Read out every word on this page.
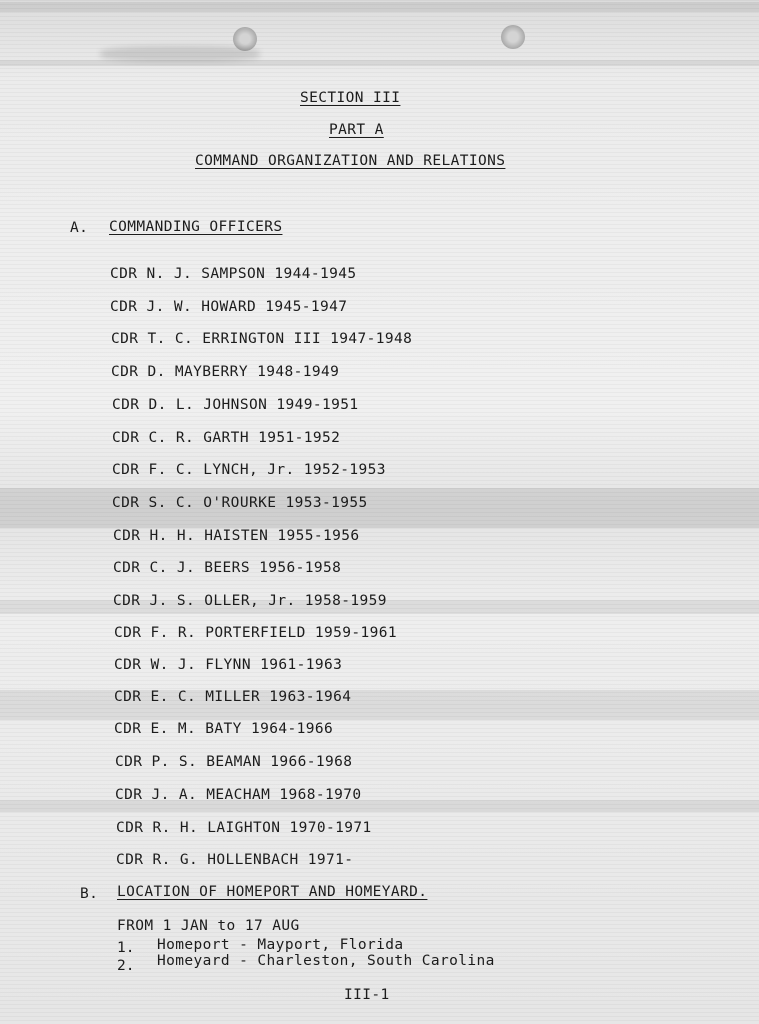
SECTION III
PART A
COMMAND ORGANIZATION AND RELATIONS
A. COMMANDING OFFICERS
CDR N. J. SAMPSON 1944-1945
CDR J. W. HOWARD 1945-1947
CDR T. C. ERRINGTON III 1947-1948
CDR D. MAYBERRY 1948-1949
CDR D. L. JOHNSON 1949-1951
CDR C. R. GARTH 1951-1952
CDR F. C. LYNCH, Jr. 1952-1953
CDR S. C. O'ROURKE 1953-1955
CDR H. H. HAISTEN 1955-1956
CDR C. J. BEERS 1956-1958
CDR J. S. OLLER, Jr. 1958-1959
CDR F. R. PORTERFIELD 1959-1961
CDR W. J. FLYNN 1961-1963
CDR E. C. MILLER 1963-1964
CDR E. M. BATY 1964-1966
CDR P. S. BEAMAN 1966-1968
CDR J. A. MEACHAM 1968-1970
CDR R. H. LAIGHTON 1970-1971
CDR R. G. HOLLENBACH 1971-
B. LOCATION OF HOMEPORT AND HOMEYARD.
FROM 1 JAN to 17 AUG
1. Homeport - Mayport, Florida
2. Homeyard - Charleston, South Carolina
III-1
